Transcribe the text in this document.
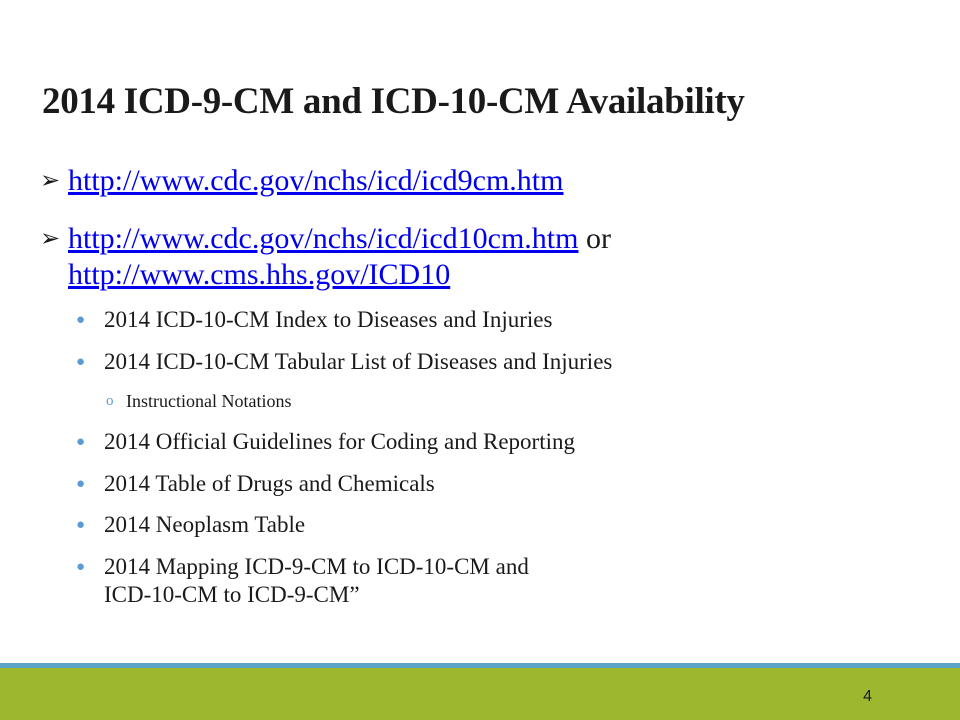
2014 ICD-9-CM and ICD-10-CM Availability
➢ http://www.cdc.gov/nchs/icd/icd9cm.htm
➢ http://www.cdc.gov/nchs/icd/icd10cm.htm or
http://www.cms.hhs.gov/ICD10
● 2014 ICD-10-CM Index to Diseases and Injuries
● 2014 ICD-10-CM Tabular List of Diseases and Injuries
o Instructional Notations
● 2014 Official Guidelines for Coding and Reporting
● 2014 Table of Drugs and Chemicals
● 2014 Neoplasm Table
● 2014 Mapping ICD-9-CM to ICD-10-CM and
ICD-10-CM to ICD-9-CM”
4
